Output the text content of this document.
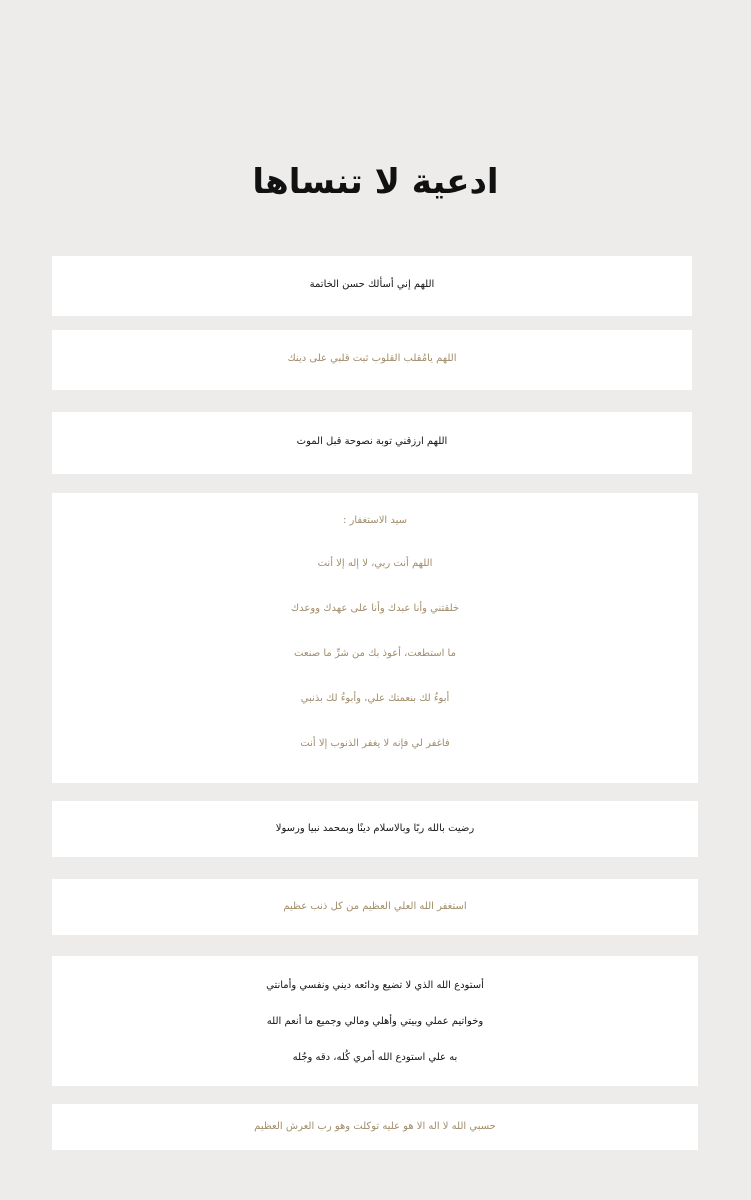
ادعية لا تنساها
اللهم إني أسألك حسن الخاتمة
اللهم يامُقلب القلوب ثبت قلبي على دينك
اللهم ارزقني توبة نصوحة قبل الموت
سيد الاستغفار :
اللهم أنت ربي، لا إله إلا أنت
خلقتني وأنا عبدك وأنا على عهدك ووعدك
ما استطعت، أعوذ بك من شرِّ ما صنعت
أبوءُ لك بنعمتك علي، وأبوءُ لك بذنبي
فاغفر لي فإنه لا يغفر الذنوب إلا أنت
رضيت بالله ربًا وبالاسلام دينًا وبمحمد نبيا ورسولا
استغفر الله العلي العظيم من كل ذنب عظيم
أستودع الله الذي لا تضيع ودائعه ديني ونفسي وأمانتي
وخواتيم عملي وبيتي وأهلي ومالي وجميع ما أنعم الله
به علي استودع الله أمري كُله، دقه وجُله
حسبي الله لا اله الا هو عليه توكلت وهو رب العرش العظيم
